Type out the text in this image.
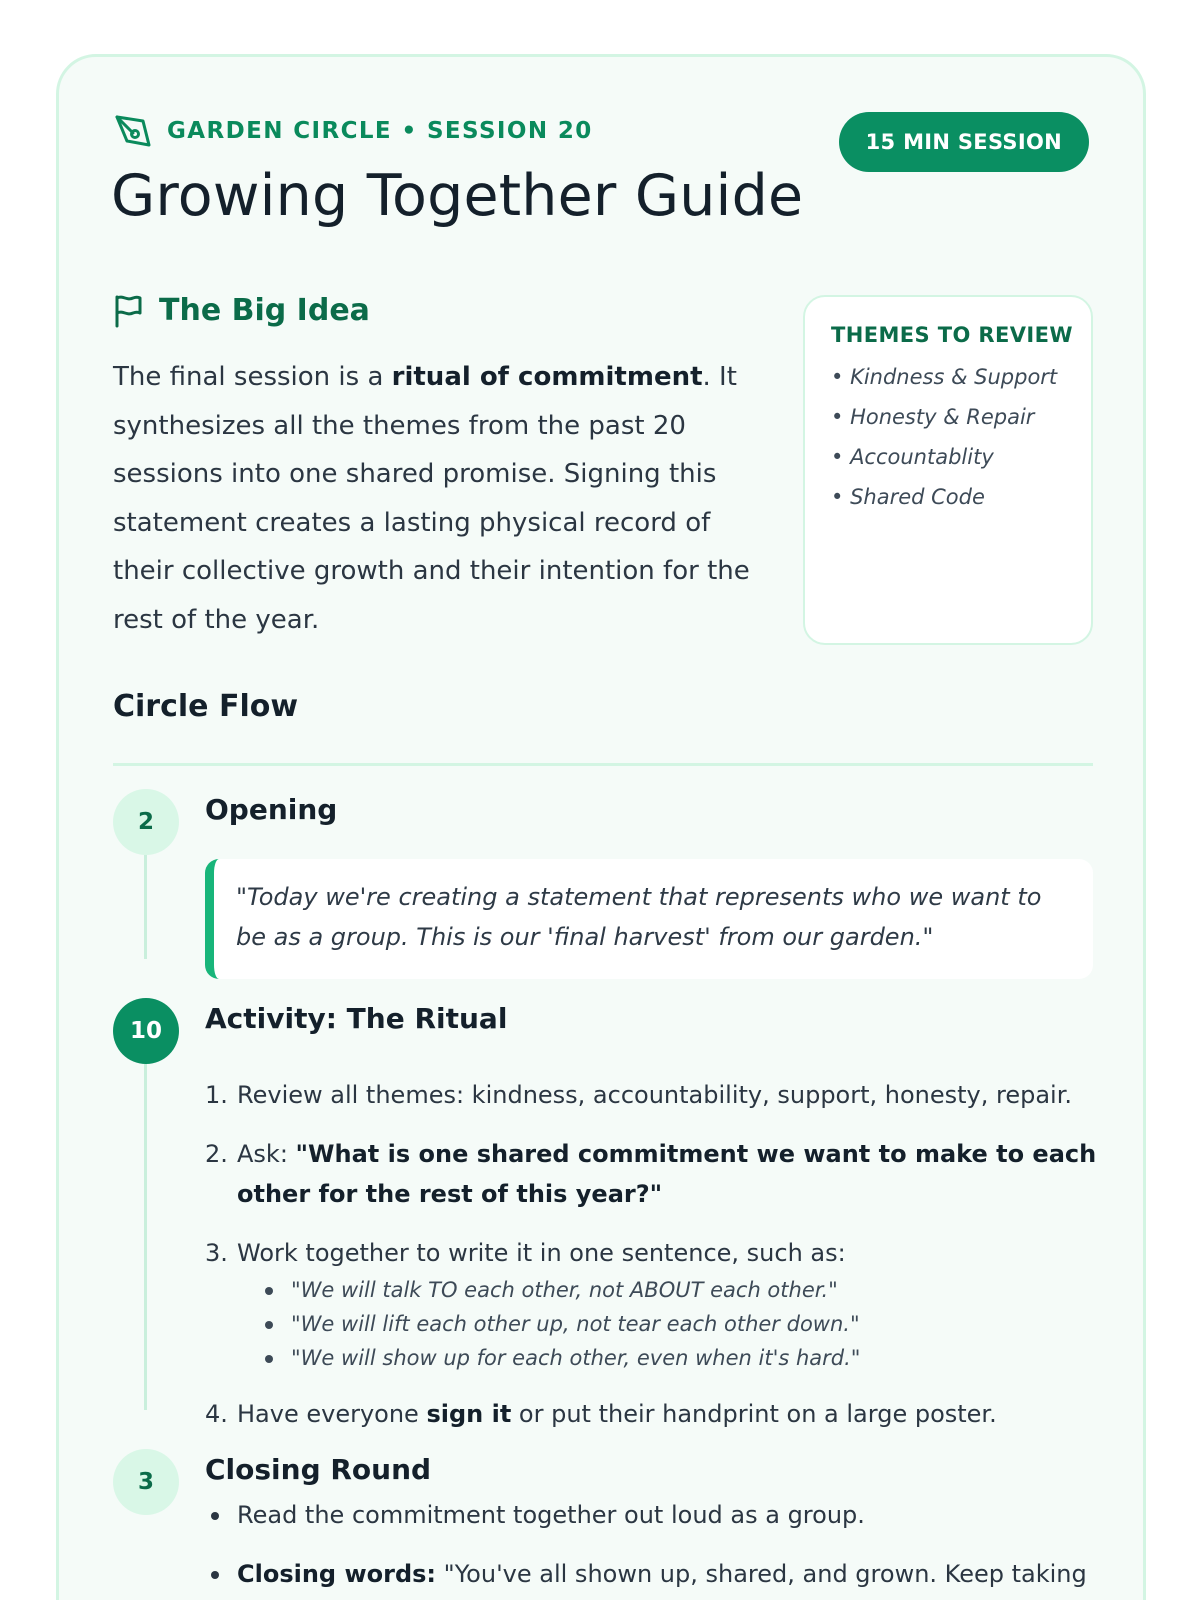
GARDEN CIRCLE • SESSION 20	15 MIN SESSION
Growing Together Guide
The Big Idea

The final session is a ritual of commitment. It synthesizes all the themes from the past 20 sessions into one shared promise. Signing this statement creates a lasting physical record of their collective growth and their intention for the rest of the year.

THEMES TO REVIEW
• Kindness & Support
• Honesty & Repair
• Accountablity
• Shared Code
Circle Flow
2	Opening
"Today we're creating a statement that represents who we want to be as a group. This is our 'final harvest' from our garden."
10	Activity: The Ritual
1. Review all themes: kindness, accountability, support, honesty, repair.
2. Ask: "What is one shared commitment we want to make to each other for the rest of this year?"
3. Work together to write it in one sentence, such as:
"We will talk TO each other, not ABOUT each other."
"We will lift each other up, not tear each other down."
"We will show up for each other, even when it's hard."
4. Have everyone sign it or put their handprint on a large poster.
3	Closing Round
Read the commitment together out loud as a group.
Closing words: "You've all shown up, shared, and grown. Keep taking
